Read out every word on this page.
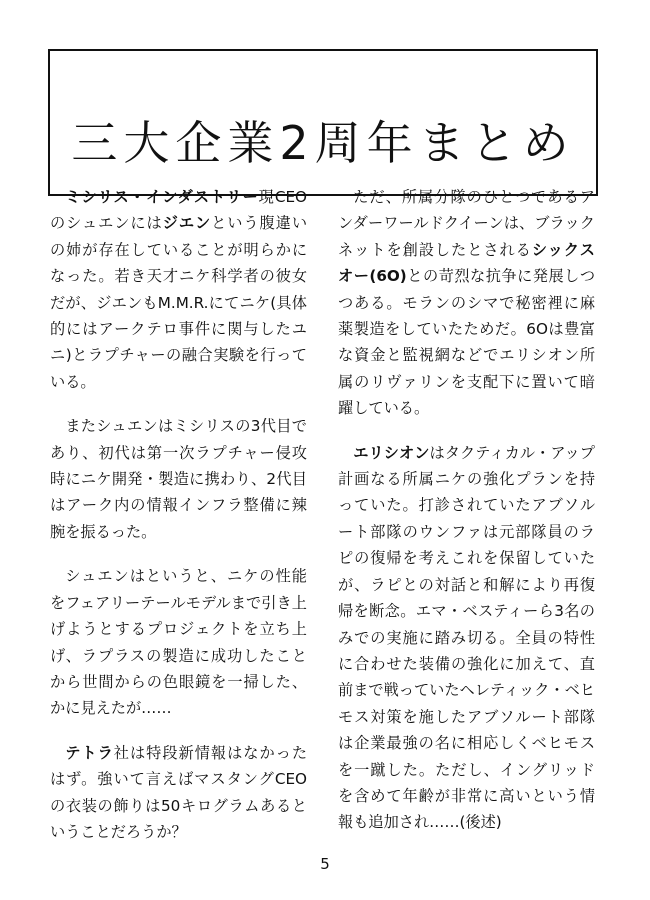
三大企業2周年まとめ

ミシリス・インダストリー現CEOのシュエンにはジエンという腹違いの姉が存在していることが明らかになった。若き天才ニケ科学者の彼女だが、ジエンもM.M.R.にてニケ(具体的にはアークテロ事件に関与したユニ)とラプチャーの融合実験を行っている。

またシュエンはミシリスの3代目であり、初代は第一次ラプチャー侵攻時にニケ開発・製造に携わり、2代目はアーク内の情報インフラ整備に辣腕を振るった。

シュエンはというと、ニケの性能をフェアリーテールモデルまで引き上げようとするプロジェクトを立ち上げ、ラプラスの製造に成功したことから世間からの色眼鏡を一掃した、かに見えたが……

テトラ社は特段新情報はなかったはず。強いて言えばマスタングCEOの衣装の飾りは50キログラムあるということだろうか？

ただ、所属分隊のひとつであるアンダーワールドクイーンは、ブラックネットを創設したとされるシックスオー(6O)との苛烈な抗争に発展しつつある。モランのシマで秘密裡に麻薬製造をしていたためだ。6Oは豊富な資金と監視網などでエリシオン所属のリヴァリンを支配下に置いて暗躍している。

エリシオンはタクティカル・アップ計画なる所属ニケの強化プランを持っていた。打診されていたアブソルート部隊のウンファは元部隊員のラピの復帰を考えこれを保留していたが、ラピとの対話と和解により再復帰を断念。エマ・ベスティーら3名のみでの実施に踏み切る。全員の特性に合わせた装備の強化に加えて、直前まで戦っていたヘレティック・ベヒモス対策を施したアブソルート部隊は企業最強の名に相応しくベヒモスを一蹴した。ただし、イングリッドを含めて年齢が非常に高いという情報も追加され……(後述)

5
